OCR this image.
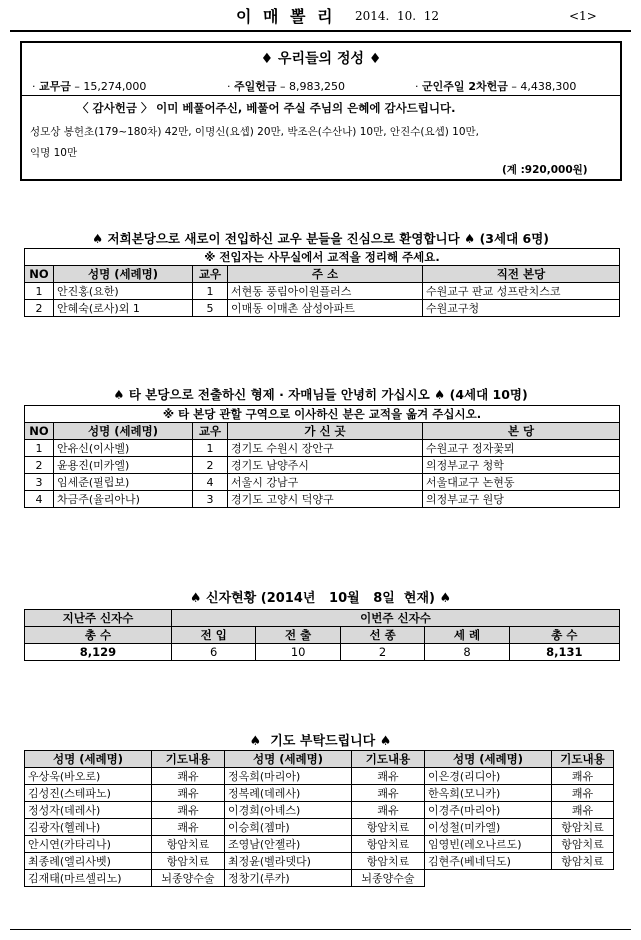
이 매 뽈 리 2014.  10.  12	<1>
♦ 우리들의 정성 ♦
· 교무금 – 15,274,000	· 주일헌금 – 8,983,250	· 군인주일 2차헌금 – 4,438,300
〈 감사헌금 〉 이미 베풀어주신, 베풀어 주실 주님의 은혜에 감사드립니다.
성모상 봉헌초(179~180차) 42만, 이명신(요셉) 20만, 박조은(수산나) 10만, 안진수(요셉) 10만,
익명 10만
(계 :920,000원)
♠ 저희본당으로 새로이 전입하신 교우 분들을 진심으로 환영합니다 ♠ (3세대 6명)
※ 전입자는 사무실에서 교적을 정리해 주세요.				
NO	성명 (세례명)	교우	주 소	직전 본당
1	안진홍(요한)	1	서현동 풍림아이원플러스	수원교구 판교 성프란치스코
2	안혜숙(로사)외 1	5	이매동 이매촌 삼성아파트	수원교구청
♠ 타 본당으로 전출하신 형제 · 자매님들 안녕히 가십시오 ♠ (4세대 10명)
※ 타 본당 관할 구역으로 이사하신 분은 교적을 옮겨 주십시오.				
NO	성명 (세례명)	교우	가 신 곳	본 당
1	안유신(이사벨)	1	경기도 수원시 장안구	수원교구 정자꽃뫼
2	윤용진(미카엘)	2	경기도 남양주시	의정부교구 청학
3	임세준(필립보)	4	서울시 강남구	서울대교구 논현동
4	차금주(율리아나)	3	경기도 고양시 덕양구	의정부교구 원당
♠ 신자현황 (2014년   10월   8일  현재) ♠
지난주 신자수	이번주 신자수				
총 수	전 입	전 출	선 종	세 례	총 수
8,129	6	10	2	8	8,131
♠  기도 부탁드립니다 ♠
성명 (세례명)	기도내용	성명 (세례명)	기도내용	성명 (세례명)	기도내용
우상욱(바오로)	쾌유	정옥희(마리아)	쾌유	이은경(리디아)	쾌유
김성진(스테파노)	쾌유	정복례(데레사)	쾌유	한옥희(모니카)	쾌유
정성자(데레사)	쾌유	이경희(아녜스)	쾌유	이경주(마리아)	쾌유
김광자(헬레나)	쾌유	이승희(젬마)	항암치료	이성철(미카엘)	항암치료
안시연(카타리나)	항암치료	조영남(안젤라)	항암치료	임영빈(레오나르도)	항암치료
최종례(엘리사벳)	항암치료	최정윤(벨라뎃다)	항암치료	김현주(베네딕도)	항암치료
김재태(마르셀리노)	뇌종양수술	정창기(루카)	뇌종양수술		
